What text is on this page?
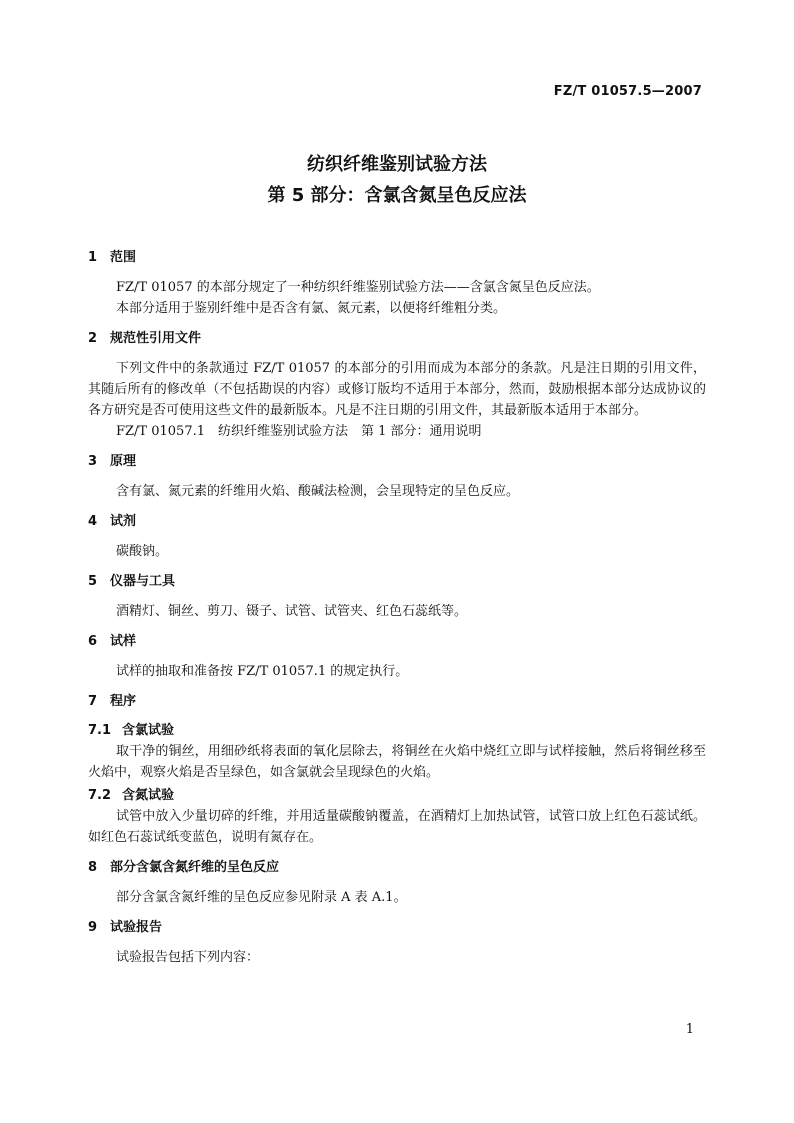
FZ/T 01057.5—2007
纺织纤维鉴别试验方法
第 5 部分：含氯含氮呈色反应法
1 范围

FZ/T 01057 的本部分规定了一种纺织纤维鉴别试验方法——含氯含氮呈色反应法。

本部分适用于鉴别纤维中是否含有氯、氮元素，以便将纤维粗分类。

2 规范性引用文件

下列文件中的条款通过 FZ/T 01057 的本部分的引用而成为本部分的条款。凡是注日期的引用文件，其随后所有的修改单（不包括勘误的内容）或修订版均不适用于本部分，然而，鼓励根据本部分达成协议的各方研究是否可使用这些文件的最新版本。凡是不注日期的引用文件，其最新版本适用于本部分。

FZ/T 01057.1　纺织纤维鉴别试验方法　第 1 部分：通用说明

3 原理

含有氯、氮元素的纤维用火焰、酸碱法检测，会呈现特定的呈色反应。

4 试剂

碳酸钠。

5 仪器与工具

酒精灯、铜丝、剪刀、镊子、试管、试管夹、红色石蕊纸等。

6 试样

试样的抽取和准备按 FZ/T 01057.1 的规定执行。

7 程序
7.1 含氯试验

取干净的铜丝，用细砂纸将表面的氧化层除去，将铜丝在火焰中烧红立即与试样接触，然后将铜丝移至火焰中，观察火焰是否呈绿色，如含氯就会呈现绿色的火焰。

7.2 含氮试验

试管中放入少量切碎的纤维，并用适量碳酸钠覆盖，在酒精灯上加热试管，试管口放上红色石蕊试纸。如红色石蕊试纸变蓝色，说明有氮存在。

8 部分含氯含氮纤维的呈色反应

部分含氯含氮纤维的呈色反应参见附录 A 表 A.1。

9 试验报告

试验报告包括下列内容：

1
